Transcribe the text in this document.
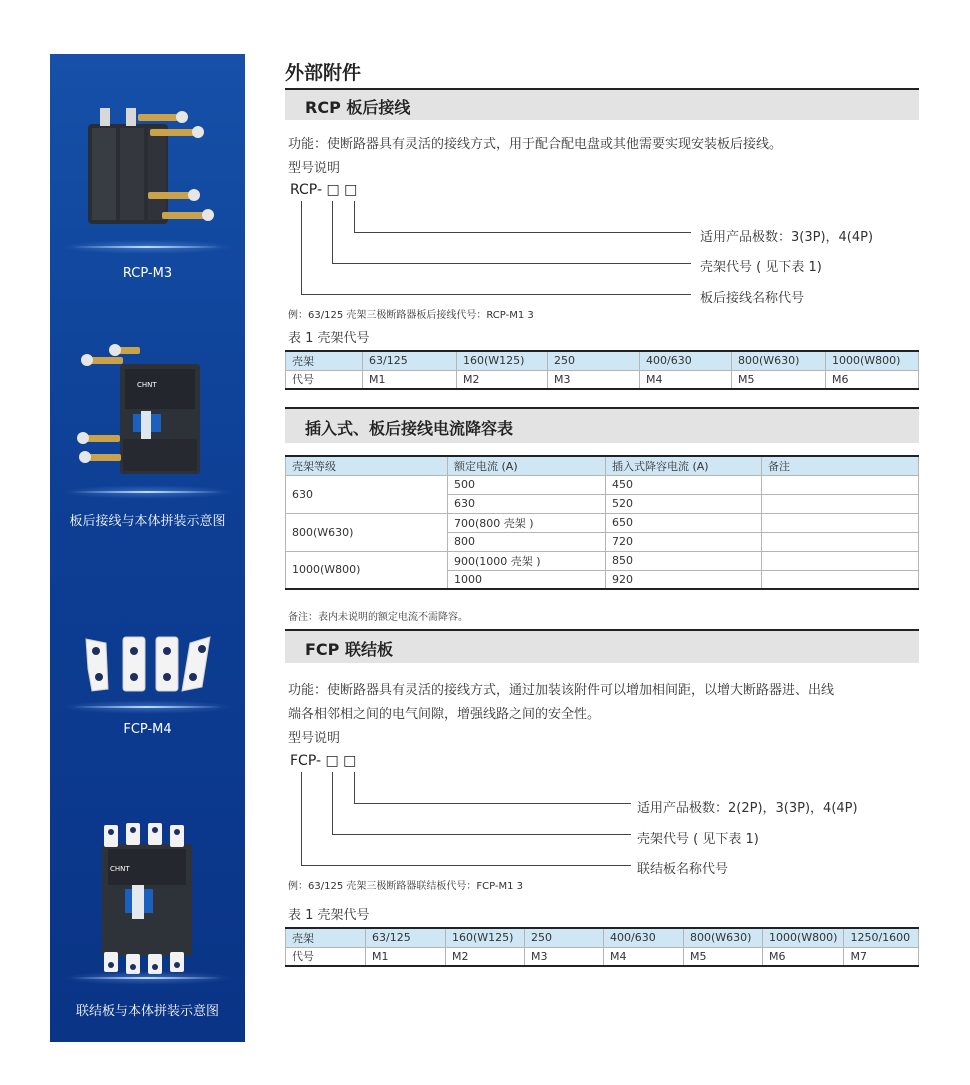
RCP-M3
CHNT
板后接线与本体拼装示意图
FCP-M4
CHNT
联结板与本体拼装示意图
外部附件
RCP 板后接线
功能：使断路器具有灵活的接线方式，用于配合配电盘或其他需要实现安装板后接线。
型号说明
RCP- □ □
适用产品极数：3(3P)，4(4P)
壳架代号 ( 见下表 1)
板后接线名称代号
例：63/125 壳架三极断路器板后接线代号：RCP-M1 3
表 1 壳架代号
壳架	63/125	160(W125)	250	400/630	800(W630)	1000(W800)
代号	M1	M2	M3	M4	M5	M6
插入式、板后接线电流降容表
壳架等级	额定电流 (A)	插入式降容电流 (A)	备注
630	500	450	
	630	520	
800(W630)	700(800 壳架 )	650	
	800	720	
1000(W800)	900(1000 壳架 )	850	
	1000	920	
备注：表内未说明的额定电流不需降容。
FCP 联结板
功能：使断路器具有灵活的接线方式，通过加装该附件可以增加相间距，以增大断路器进、出线
端各相邻相之间的电气间隙，增强线路之间的安全性。
型号说明
FCP- □ □
适用产品极数：2(2P)，3(3P)，4(4P)
壳架代号 ( 见下表 1)
联结板名称代号
例：63/125 壳架三极断路器联结板代号：FCP-M1 3
表 1 壳架代号
壳架	63/125	160(W125)	250	400/630	800(W630)	1000(W800)	1250/1600
代号	M1	M2	M3	M4	M5	M6	M7
